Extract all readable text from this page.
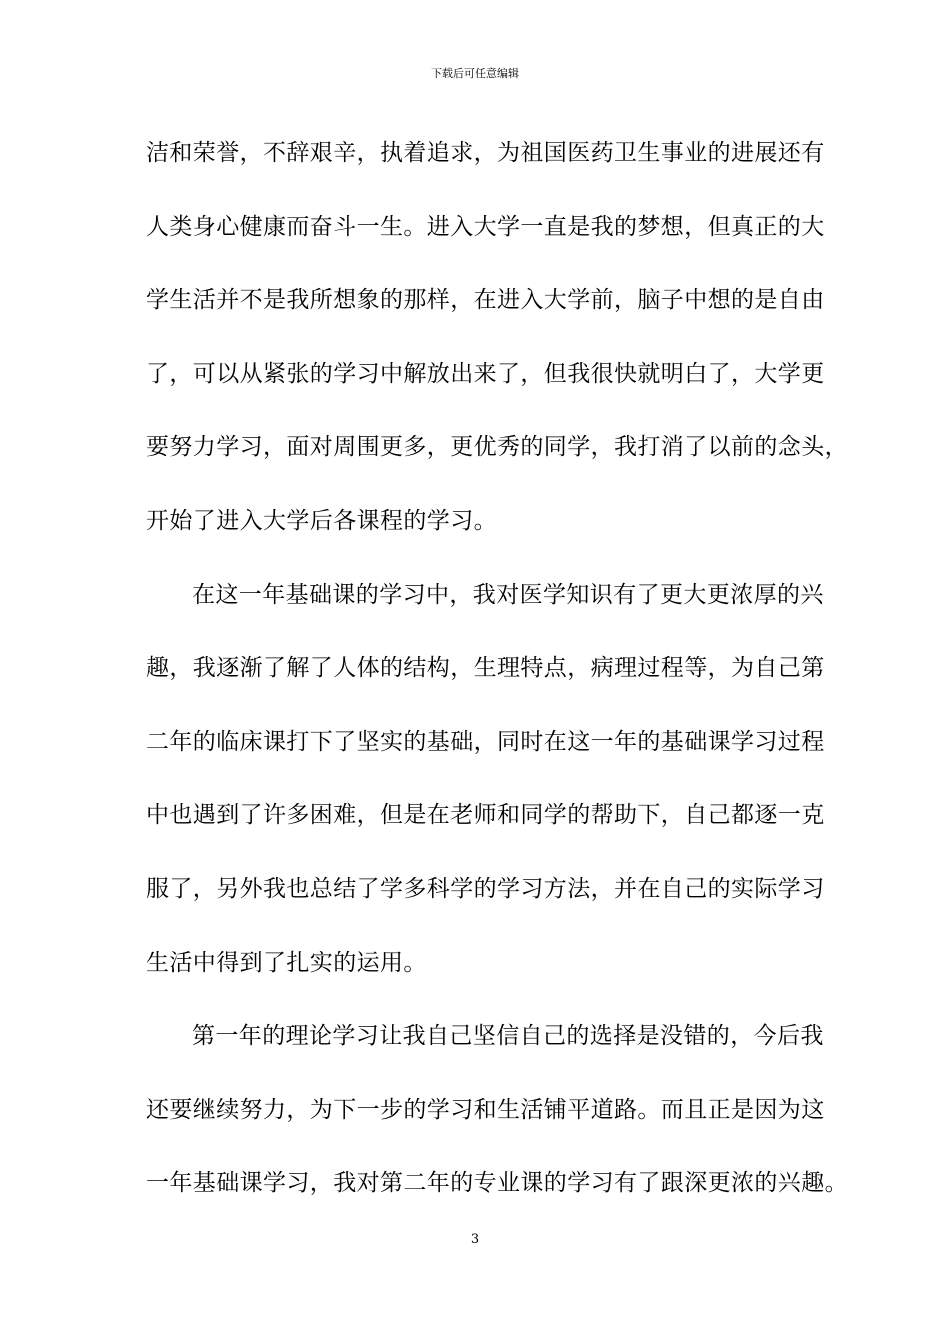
下载后可任意编辑
洁和荣誉，不辞艰辛，执着追求，为祖国医药卫生事业的进展还有
人类身心健康而奋斗一生。进入大学一直是我的梦想，但真正的大
学生活并不是我所想象的那样，在进入大学前，脑子中想的是自由
了，可以从紧张的学习中解放出来了，但我很快就明白了，大学更
要努力学习，面对周围更多，更优秀的同学，我打消了以前的念头，
开始了进入大学后各课程的学习。
在这一年基础课的学习中，我对医学知识有了更大更浓厚的兴
趣，我逐渐了解了人体的结构，生理特点，病理过程等，为自己第
二年的临床课打下了坚实的基础，同时在这一年的基础课学习过程
中也遇到了许多困难，但是在老师和同学的帮助下，自己都逐一克
服了，另外我也总结了学多科学的学习方法，并在自己的实际学习
生活中得到了扎实的运用。
第一年的理论学习让我自己坚信自己的选择是没错的，今后我
还要继续努力，为下一步的学习和生活铺平道路。而且正是因为这
一年基础课学习，我对第二年的专业课的学习有了跟深更浓的兴趣。
3
